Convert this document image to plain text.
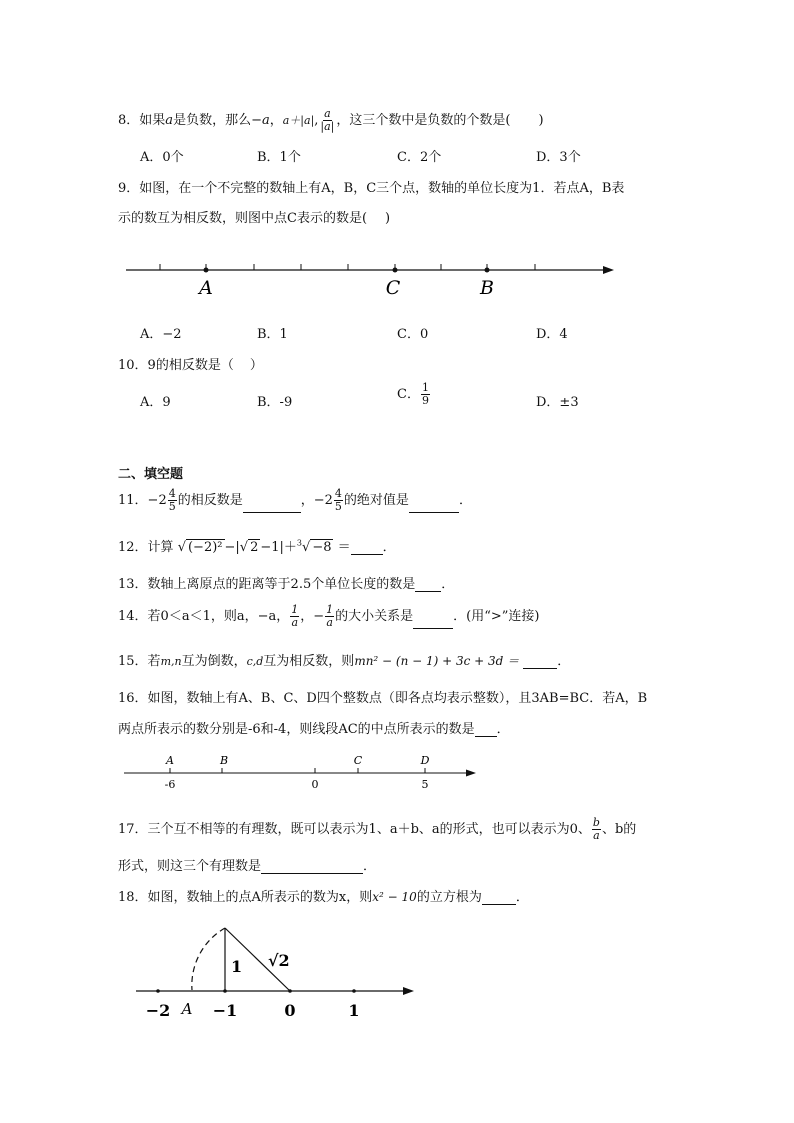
8．如果a是负数，那么−a，a＋|a|, $\frac{a}{|a|}$ ，这三个数中是负数的个数是( )
A．0个	B．1个	C．2个	D．3个
9．如图，在一个不完整的数轴上有A，B，C三个点，数轴的单位长度为1．若点A，B表
示的数互为相反数，则图中点C表示的数是( )
A	C	B
A．−2	B．1	C．0	D．4
10．9的相反数是（ ）
A．9	B．-9
C． $\frac{1}{9}$	D．±3
二、填空题
11．$-2 \frac{4}{5}$ 的相反数是	，$-2 \frac{4}{5}$ 的绝对值是	．
12．计算 √ (−2)² −|√ 2 −1|＋$^3$√ −8 ＝ ．
13．数轴上离原点的距离等于2.5个单位长度的数是 ．
14．若0＜a＜1，则a，−a， $\frac{1}{a}$ ，− $\frac{1}{a}$ 的大小关系是	．(用“>”连接)
15．若m,n互为倒数，c,d互为相反数，则mn² − (n − 1) + 3c + 3d ＝	．
16．如图，数轴上有A、B、C、D四个整数点（即各点均表示整数），且3AB=BC．若A，B
两点所表示的数分别是-6和-4，则线段AC的中点所表示的数是 ．
A	B	C	D
-6	0	5
17．三个互不相等的有理数，既可以表示为1、a＋b、a的形式，也可以表示为0、 $\frac{b}{a}$ 、b的
形式，则这三个有理数是	．
18．如图，数轴上的点A所表示的数为x，则x² − 10的立方根为	．
1 √2
−2 A −1	0	1
